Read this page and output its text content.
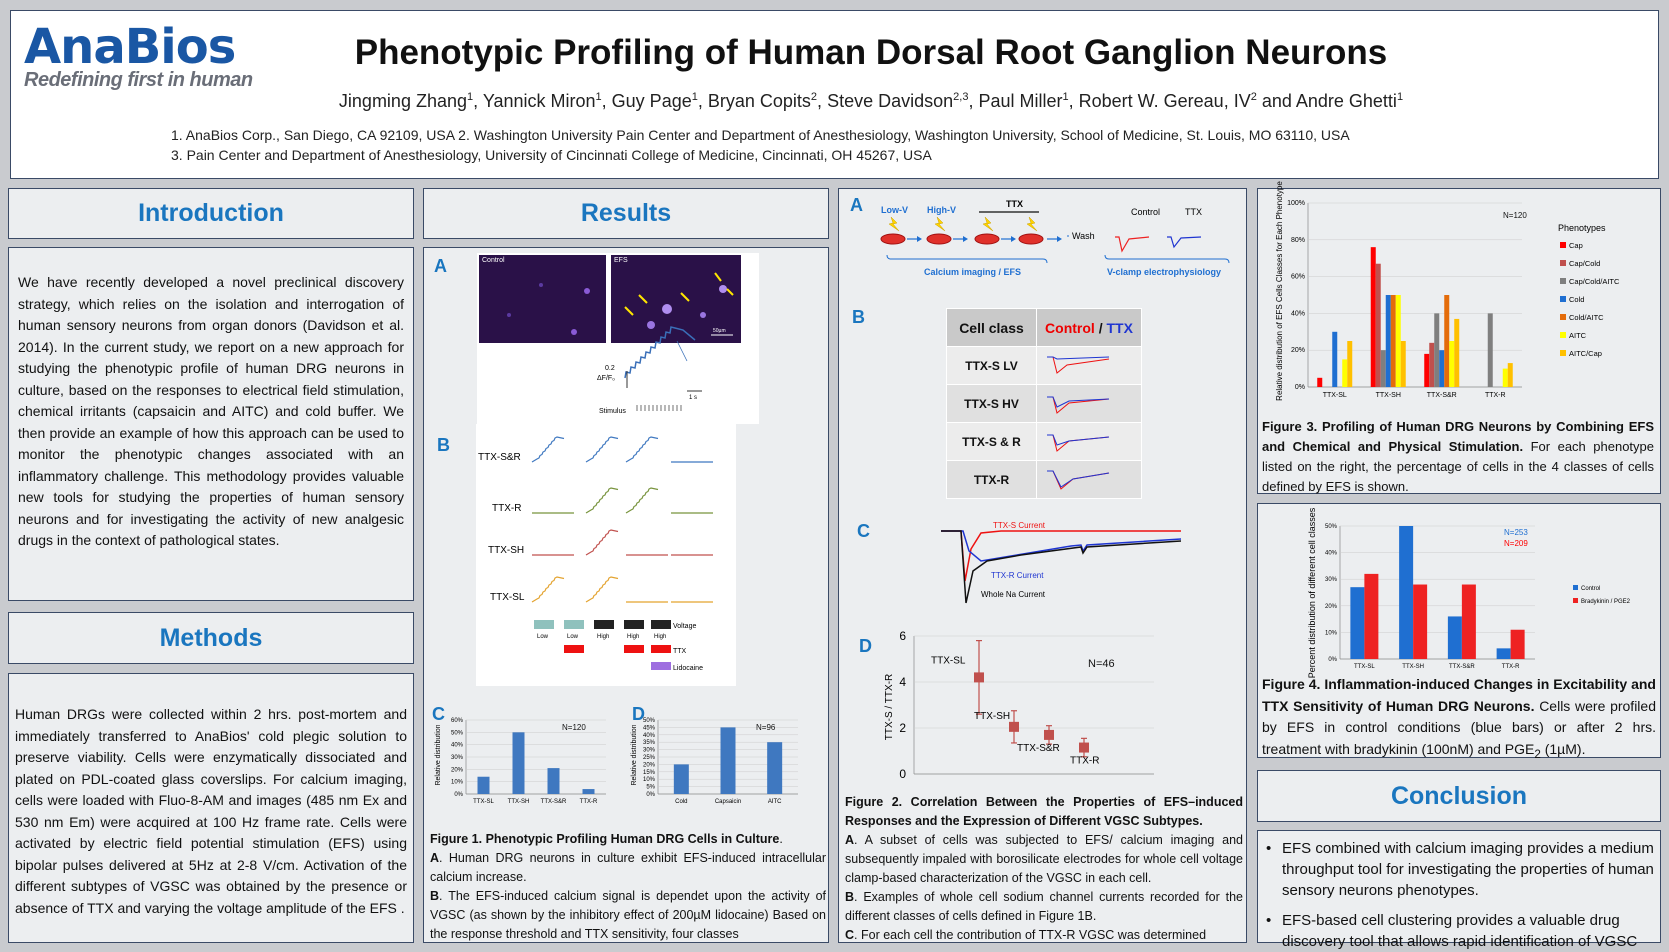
AnaBios
Redefining first in human
Phenotypic Profiling of Human Dorsal Root Ganglion Neurons
Jingming Zhang$^1$, Yannick Miron$^1$, Guy Page$^1$, Bryan Copits$^2$, Steve Davidson$^{2,3}$, Paul Miller$^1$, Robert W. Gereau, $IV^2$ and Andre Ghetti$^1$
1. AnaBios Corp., San Diego, CA 92109, USA 2. Washington University Pain Center and Department of Anesthesiology, Washington University, School of Medicine, St. Louis, MO 63110, USA
3. Pain Center and Department of Anesthesiology, University of Cincinnati College of Medicine, Cincinnati, OH 45267, USA
Introduction
We have recently developed a novel preclinical discovery strategy, which relies on the isolation and interrogation of human sensory neurons from organ donors (Davidson et al. 2014). In the current study, we report on a new approach for studying the phenotypic profile of human DRG neurons in culture, based on the responses to electrical field stimulation, chemical irritants (capsaicin and AITC) and cold buffer. We then provide an example of how this approach can be used to monitor the phenotypic changes associated with an inflammatory challenge. This methodology provides valuable new tools for studying the properties of human sensory neurons and for investigating the activity of new analgesic drugs in the context of pathological states.
Methods
Human DRGs were collected within 2 hrs. post-mortem and immediately transferred to AnaBios' cold plegic solution to preserve viability. Cells were enzymatically dissociated and plated on PDL-coated glass coverslips. For calcium imaging, cells were loaded with Fluo-8-AM and images (485 nm Ex and 530 nm Em) were acquired at 100 Hz frame rate. Cells were activated by electric field potential stimulation (EFS) using bipolar pulses delivered at 5Hz at 2-8 V/cm. Activation of the different subtypes of VGSC was obtained by the presence or absence of TTX and varying the voltage amplitude of the EFS .
Results
A
B
C	D
Control	EFS
50µm
0.2
ΔF/F₀
1 s
Stimulus
TTX-S&R
TTX-R
TTX-SH
TTX-SL
Low	Low	High	High High
Voltage
TTX
Lidocaine
0%
10%
20%
30%
40%
50%
60%
TTX-SL TTX-SH TTX-S&R TTX-R
Relative distribution	N=120
0%
5%
10%
15%
20%
25%
30%
35%
40%
45%
50%
Cold	Capsaicin	AITC
Relative distribution	N=96
Figure 1. Phenotypic Profiling Human DRG Cells in Culture.
A. Human DRG neurons in culture exhibit EFS-induced intracellular calcium increase.
B. The EFS-induced calcium signal is dependet upon the activity of VGSC (as shown by the inhibitory effect of 200µM lidocaine) Based on the response threshold and TTX sensitivity, four classes
A
B
C
D
Low-V High-V
TTX
Wash
Control	TTX
Calcium imaging / EFS	V-clamp electrophysiology
Cell class	Control / TTX
TTX-S LV	
TTX-S HV	
TTX-S & R	
TTX-R	
TTX-S Current
TTX-R Current
Whole Na Current
0
2
4
6
TTX-S / TTX-R
N=46
TTX-SL
TTX-SH
TTX-S&R
TTX-R
Figure 2. Correlation Between the Properties of EFS–induced Responses and the Expression of Different VGSC Subtypes.
A. A subset of cells was subjected to EFS/ calcium imaging and subsequently impaled with borosilicate electrodes for whole cell voltage clamp-based characterization of the VGSC in each cell.
B. Examples of whole cell sodium channel currents recorded for the different classes of cells defined in Figure 1B.
C. For each cell the contribution of TTX-R VGSC was determined
0%
20%
40%
60%
80%
100%
TTX-SL	TTX-SH	TTX-S&R	TTX-R
Relative distribution of EFS Cells Classes for Each Phenotype	N=120
Phenotypes
Cap
Cap/Cold
Cap/Cold/AITC
Cold
Cold/AITC
AITC
AITC/Cap
Figure 3. Profiling of Human DRG Neurons by Combining EFS and Chemical and Physical Stimulation. For each phenotype listed on the right, the percentage of cells in the 4 classes of cells defined by EFS is shown.
0%
10%
20%
30%
40%
50%
TTX-SL	TTX-SH	TTX-S&R	TTX-R
Percent distribution of different cell classes	N=253
N=209
Control
Bradykinin / PGE2
Figure 4. Inflammation-induced Changes in Excitability and TTX Sensitivity of Human DRG Neurons. Cells were profiled by EFS in control conditions (blue bars) or after 2 hrs. treatment with bradykinin (100nM) and $PGE_2$ (1µM).
Conclusion
• EFS combined with calcium imaging provides a medium throughput tool for investigating the properties of human sensory neurons phenotypes.
• EFS-based cell clustering provides a valuable drug discovery tool that allows rapid identification of VGSC
